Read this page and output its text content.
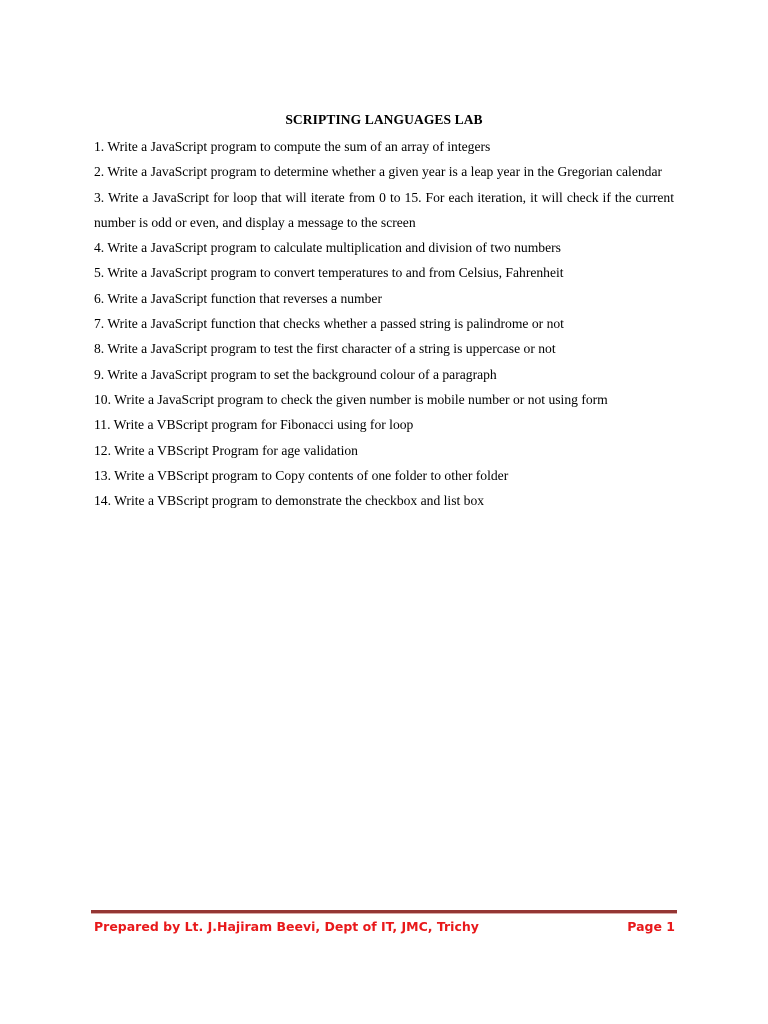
SCRIPTING LANGUAGES LAB
1. Write a JavaScript program to compute the sum of an array of integers
2. Write a JavaScript program to determine whether a given year is a leap year in the Gregorian calendar
3. Write a JavaScript for loop that will iterate from 0 to 15. For each iteration, it will check if the current number is odd or even, and display a message to the screen
4. Write a JavaScript program to calculate multiplication and division of two numbers
5. Write a JavaScript program to convert temperatures to and from Celsius, Fahrenheit
6. Write a JavaScript function that reverses a number
7. Write a JavaScript function that checks whether a passed string is palindrome or not
8. Write a JavaScript program to test the first character of a string is uppercase or not
9. Write a JavaScript program to set the background colour of a paragraph
10. Write a JavaScript program to check the given number is mobile number or not using form
11. Write a VBScript program for Fibonacci using for loop
12. Write a VBScript Program for age validation
13. Write a VBScript program to Copy contents of one folder to other folder
14. Write a VBScript program to demonstrate the checkbox and list box
Prepared by Lt. J.Hajiram Beevi, Dept of IT, JMC, Trichy	Page 1
